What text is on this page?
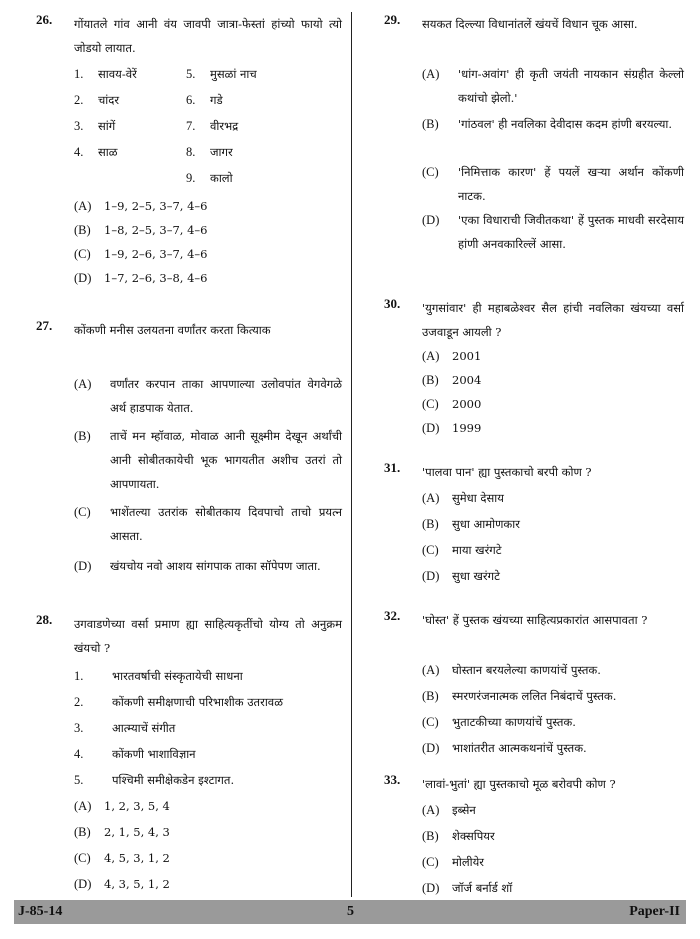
26. गोंयातले गांव आनी वंय जावपी जात्रा-फेस्तां हांच्यो फायो त्यो जोडयो लायात.
1. सावय-वेरें
2. चांदर
3. सांगें
4. साळ
5. मुसळां नाच
6. गडे
7. वीरभद्र
8. जागर
9. कालो
(A) 1–9, 2–5, 3–7, 4–6
(B) 1–8, 2–5, 3–7, 4–6
(C) 1–9, 2–6, 3–7, 4–6
(D) 1–7, 2–6, 3–8, 4–6
27. कोंकणी मनीस उलयतना वर्णांतर करता कित्याक
(A) वर्णांतर करपान ताका आपणाल्या उलोवपांत वेगवेगळे अर्थ हाडपाक येतात.
(B) ताचें मन म्हॉवाळ, मोवाळ आनी सूक्ष्मीम देखून अर्थांची आनी सोबीतकायेची भूक भागयतीत अशीच उतरां तो आपणायता.
(C) भाशेंतल्या उतरांक सोबीतकाय दिवपाचो ताचो प्रयत्न आसता.
(D) खंयचोय नवो आशय सांगपाक ताका सॉपेपण जाता.
28. उगवाडणेच्या वर्सा प्रमाण ह्या साहित्यकृतींचो योग्य तो अनुक्रम खंयचो ?
1. भारतवर्षाची संस्कृतायेची साधना
2. कोंकणी समीक्षणाची परिभाशीक उतरावळ
3. आत्म्याचें संगीत
4. कोंकणी भाशाविज्ञान
5. पश्चिमी समीक्षेकडेन इश्टागत.
(A) 1, 2, 3, 5, 4
(B) 2, 1, 5, 4, 3
(C) 4, 5, 3, 1, 2
(D) 4, 3, 5, 1, 2
29. सयकत दिल्ल्या विधानांतलें खंयचें विधान चूक आसा.
(A) 'धांग-अवांग' ही कृती जयंती नायकान संग्रहीत केल्लो कथांचो झेलो.'
(B) 'गांठवल' ही नवलिका देवीदास कदम हांणी बरयल्या.
(C) 'निमित्ताक कारण' हें पयलें खऱ्या अर्थान कोंकणी नाटक.
(D) 'एका विधाराची जिवीतकथा' हें पुस्तक माधवी सरदेसाय हांणी अनवकारिल्लें आसा.
30. 'युगसांवार' ही महाबळेश्वर सैल हांची नवलिका खंयच्या वर्सा उजवाडून आयली ?
(A) 2001
(B) 2004
(C) 2000
(D) 1999
31. 'पालवा पान' ह्या पुस्तकाचो बरपी कोण ?
(A) सुमेधा देसाय
(B) सुधा आमोणकार
(C) माया खरंगटे
(D) सुधा खरंगटे
32. 'घोस्त' हें पुस्तक खंयच्या साहित्यप्रकारांत आसपावता ?
(A) घोस्तान बरयलेल्या काणयांचें पुस्तक.
(B) स्मरणरंजनात्मक ललित निबंदाचें पुस्तक.
(C) भुताटकीच्या काणयांचें पुस्तक.
(D) भाशांतरीत आत्मकथनांचें पुस्तक.
33. 'लावां-भुतां' ह्या पुस्तकाचो मूळ बरोवपी कोण ?
(A) इब्सेन
(B) शेक्सपियर
(C) मोलीयेर
(D) जॉर्ज बर्नार्ड शॉ
J-85-14	5	Paper-II
